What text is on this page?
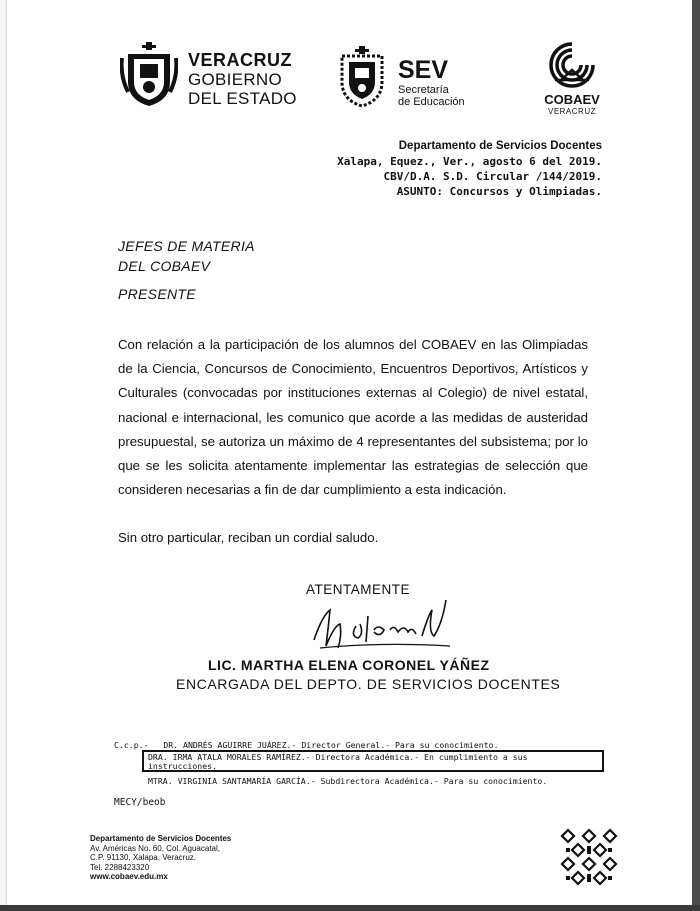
VERACRUZ
GOBIERNO
DEL ESTADO
SEV
Secretaría
de Educación	COBAEV
VERACRUZ
Departamento de Servicios Docentes
Xalapa, Equez., Ver., agosto 6 del 2019.
CBV/D.A. S.D. Circular /144/2019.
ASUNTO: Concursos y Olimpiadas.
JEFES DE MATERIA
DEL COBAEV
PRESENTE
Con relación a la participación de los alumnos del COBAEV en las Olimpiadas de la Ciencia, Concursos de Conocimiento, Encuentros Deportivos, Artísticos y Culturales (convocadas por instituciones externas al Colegio) de nivel estatal, nacional e internacional, les comunico que acorde a las medidas de austeridad presupuestal, se autoriza un máximo de 4 representantes del subsistema; por lo que se les solicita atentamente implementar las estrategias de selección que consideren necesarias a fin de dar cumplimiento a esta indicación.
Sin otro particular, reciban un cordial saludo.
ATENTAMENTE
LIC. MARTHA ELENA CORONEL YÁÑEZ
ENCARGADA DEL DEPTO. DE SERVICIOS DOCENTES
C.c.p.- DR. ANDRÉS AGUIRRE JUÁREZ.- Director General.- Para su conocimiento.
DRA. IRMA ATALA MORALES RAMÍREZ.- Directora Académica.- En cumplimiento a sus instrucciones.
MTRA. VIRGINIA SANTAMARÍA GARCÍA.- Subdirectora Académica.- Para su conocimiento.
MECY/beob
Departamento de Servicios Docentes
Av. Américas No. 60, Col. Aguacatal,
C.P. 91130, Xalapa, Veracruz.
Tel. 2288423320
www.cobaev.edu.mx
